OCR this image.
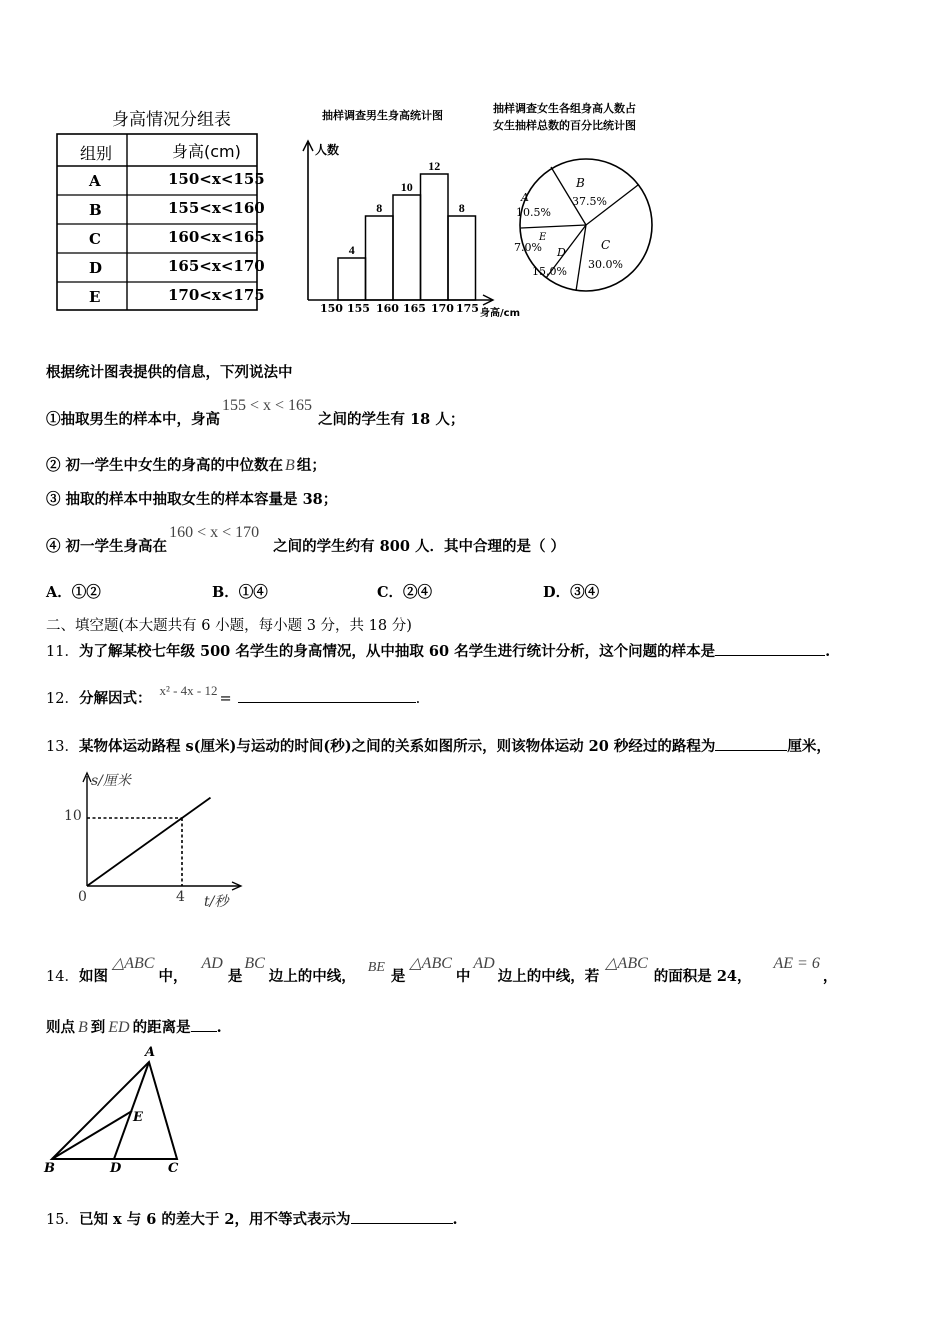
身高情况分组表
组别	身高(cm)
A	150<x<155
B	155<x<160
C	160<x<165
D	165<x<170
E	170<x<175
抽样调查男生身高统计图
4
8
10
12
8
人数
150 155 160 165 170 175 身高/cm
抽样调查女生各组身高人数占
女生抽样总数的百分比统计图
B
37.5%
A
10.5%
C
30.0%
D
15.0%
E
7.0%
根据统计图表提供的信息，下列说法中
①抽取男生的样本中，身高155 < x < 165之间的学生有 18 人；
② 初一学生中女生的身高的中位数在 B 组；
③ 抽取的样本中抽取女生的样本容量是 38；
④ 初一学生身高在160 < x < 170之间的学生约有 800 人．其中合理的是（ ）
A．①②	B．①④	C．②④	D．③④
二、填空题(本大题共有 6 小题，每小题 3 分，共 18 分)
11．为了解某校七年级 500 名学生的身高情况，从中抽取 60 名学生进行统计分析，这个问题的样本是	.
12．分解因式：x² - 4x - 12=	.
13．某物体运动路程 s(厘米)与运动的时间(秒)之间的关系如图所示，则该物体运动 20 秒经过的路程为	厘米，
s/厘米
t/秒
0	4
10
14．如图△ABC中，AD是BC边上的中线，BE是△ABC中AD边上的中线，若△ABC的面积是 24，AE = 6，
则点 B 到 ED 的距离是 .
A
B	C
D
E
15．已知 x 与 6 的差大于 2，用不等式表示为	.
